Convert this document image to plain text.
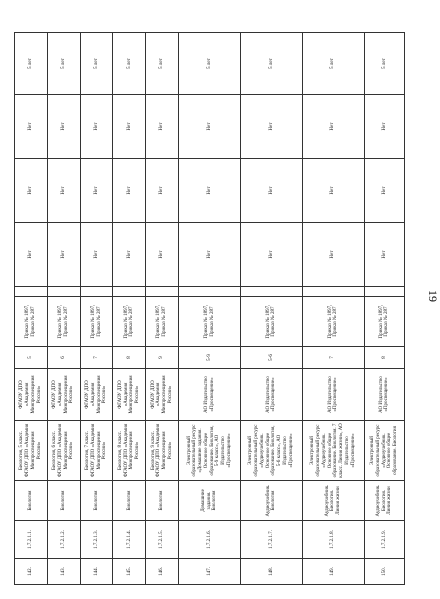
19
142.	1.7.2.1.1.	Биология	Биология, 5 класс. ФГАОУ ДПО «Академия Минпросвещения России»	ФГАОУ ДПО «Академия Минпросвещения России»	5	Приказ № 1897, Приказ № 287		Нет	Нет	Нет	5 лет
143.	1.7.2.1.2.	Биология	Биология, 6 класс. ФГАОУ ДПО «Академия Минпросвещения России»	ФГАОУ ДПО «Академия Минпросвещения России»	6	Приказ № 1897, Приказ № 287		Нет	Нет	Нет	5 лет
144.	1.7.2.1.3.	Биология	Биология, 7 класс. ФГАОУ ДПО «Академия Минпросвещения России»	ФГАОУ ДПО «Академия Минпросвещения России»	7	Приказ № 1897, Приказ № 287		Нет	Нет	Нет	5 лет
145.	1.7.2.1.4.	Биология	Биология, 8 класс. ФГАОУ ДПО «Академия Минпросвещения России»	ФГАОУ ДПО «Академия Минпросвещения России»	8	Приказ № 1897, Приказ № 287		Нет	Нет	Нет	5 лет
146.	1.7.2.1.5.	Биология	Биология, 9 класс. ФГАОУ ДПО «Академия Минпросвещения России»	ФГАОУ ДПО «Академия Минпросвещения России»	9	Приказ № 1897, Приказ № 287		Нет	Нет	Нет	5 лет
147.	1.7.2.1.6.	Домашние задания. Биология	Электронный образовательный ресурс «Домашние задания. Основное общее образование. Биология, 5-9 класс», АО Издательство «Просвещение»	АО Издательство «Просвещение»	5-9	Приказ № 1897, Приказ № 287		Нет	Нет	Нет	5 лет
148.	1.7.2.1.7.	Аудиоучебник. Биология	Электронный образовательный ресурс «Аудиоучебник. Основное общее образование. Биология, 5-6 класс», АО Издательство «Просвещение»	АО Издательство «Просвещение»	5-6	Приказ № 1897, Приказ № 287		Нет	Нет	Нет	5 лет
149.	1.7.2.1.8.	Аудиоучебник. Биология. Линия жизни	Электронный образовательный ресурс «Аудиоучебник. Основное общее образование. Биология. 7 класс. Линия жизни», АО Издательство «Просвещение»	АО Издательство «Просвещение»	7	Приказ № 1897, Приказ № 287		Нет	Нет	Нет	5 лет
150.	1.7.2.1.9.	Аудиоучебник. Биология. Линия жизни	Электронный образовательный ресурс «Аудиоучебник. Основное общее образование. Биология	АО Издательство «Просвещение»	8	Приказ № 1897, Приказ № 287		Нет	Нет	Нет	5 лет
